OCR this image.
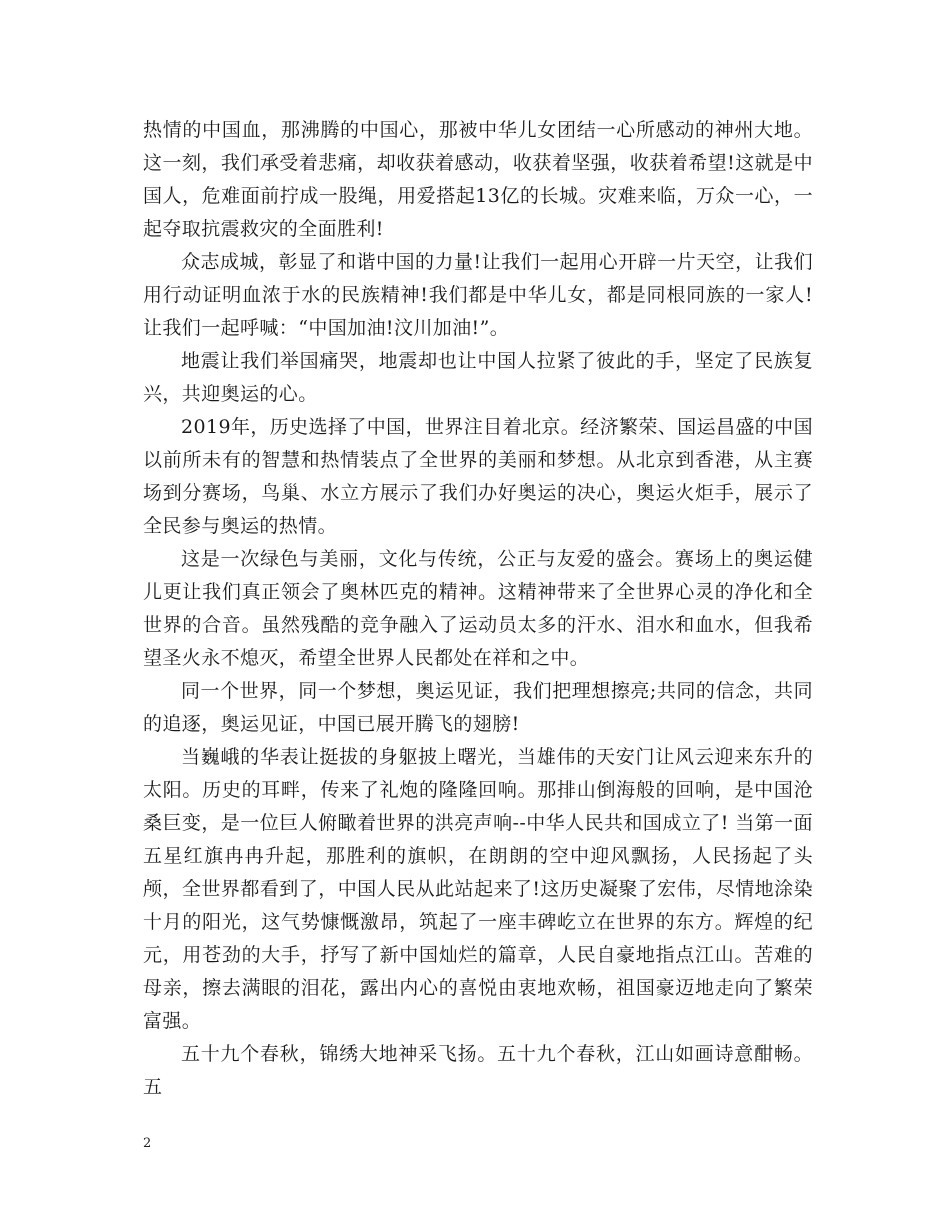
热情的中国血，那沸腾的中国心，那被中华儿女团结一心所感动的神州大地。这一刻，我们承受着悲痛，却收获着感动，收获着坚强，收获着希望!这就是中国人，危难面前拧成一股绳，用爱搭起13亿的长城。灾难来临，万众一心，一起夺取抗震救灾的全面胜利!

众志成城，彰显了和谐中国的力量!让我们一起用心开辟一片天空，让我们用行动证明血浓于水的民族精神!我们都是中华儿女，都是同根同族的一家人!让我们一起呼喊：“中国加油!汶川加油!”。

地震让我们举国痛哭，地震却也让中国人拉紧了彼此的手，坚定了民族复兴，共迎奥运的心。

2019年，历史选择了中国，世界注目着北京。经济繁荣、国运昌盛的中国以前所未有的智慧和热情装点了全世界的美丽和梦想。从北京到香港，从主赛场到分赛场，鸟巢、水立方展示了我们办好奥运的决心，奥运火炬手，展示了全民参与奥运的热情。

这是一次绿色与美丽，文化与传统，公正与友爱的盛会。赛场上的奥运健儿更让我们真正领会了奥林匹克的精神。这精神带来了全世界心灵的净化和全世界的合音。虽然残酷的竞争融入了运动员太多的汗水、泪水和血水，但我希望圣火永不熄灭，希望全世界人民都处在祥和之中。

同一个世界，同一个梦想，奥运见证，我们把理想擦亮;共同的信念，共同的追逐，奥运见证，中国已展开腾飞的翅膀!

当巍峨的华表让挺拔的身躯披上曙光，当雄伟的天安门让风云迎来东升的太阳。历史的耳畔，传来了礼炮的隆隆回响。那排山倒海般的回响，是中国沧桑巨变，是一位巨人俯瞰着世界的洪亮声响--中华人民共和国成立了! 当第一面五星红旗冉冉升起，那胜利的旗帜，在朗朗的空中迎风飘扬，人民扬起了头颅，全世界都看到了，中国人民从此站起来了!这历史凝聚了宏伟，尽情地涂染十月的阳光，这气势慷慨激昂，筑起了一座丰碑屹立在世界的东方。辉煌的纪元，用苍劲的大手，抒写了新中国灿烂的篇章，人民自豪地指点江山。苦难的母亲，擦去满眼的泪花，露出内心的喜悦由衷地欢畅，祖国豪迈地走向了繁荣富强。

五十九个春秋，锦绣大地神采飞扬。五十九个春秋，江山如画诗意酣畅。五

2
